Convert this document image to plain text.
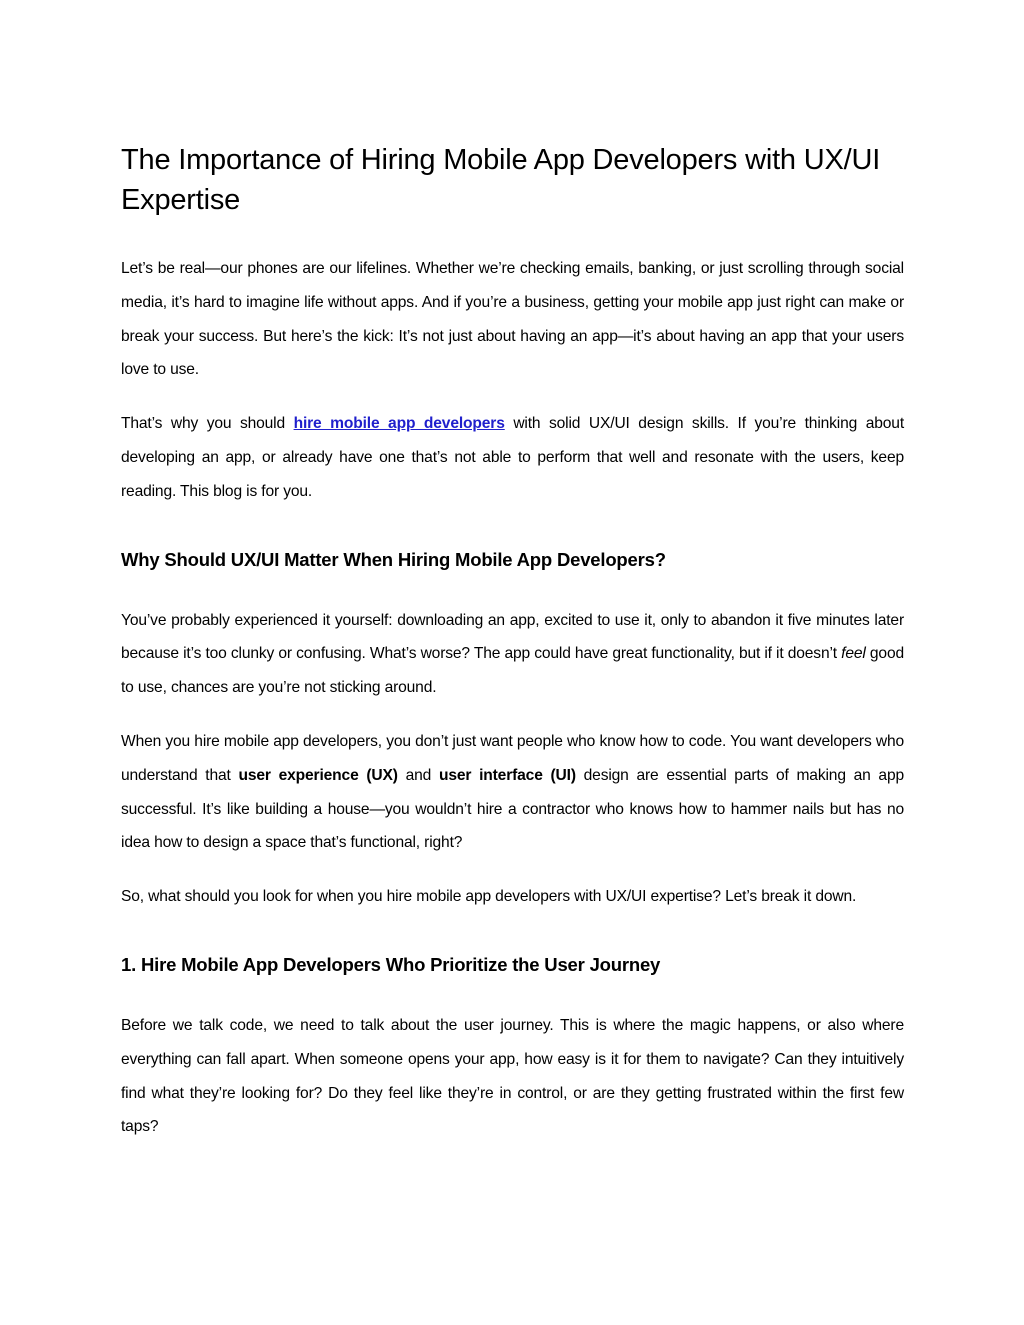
The Importance of Hiring Mobile App Developers with UX/UI Expertise

Let’s be real—our phones are our lifelines. Whether we’re checking emails, banking, or just scrolling through social media, it’s hard to imagine life without apps. And if you’re a business, getting your mobile app just right can make or break your success. But here’s the kick: It’s not just about having an app—it’s about having an app that your users love to use.

That’s why you should hire mobile app developers with solid UX/UI design skills. If you’re thinking about developing an app, or already have one that’s not able to perform that well and resonate with the users, keep reading. This blog is for you.

Why Should UX/UI Matter When Hiring Mobile App Developers?

You’ve probably experienced it yourself: downloading an app, excited to use it, only to abandon it five minutes later because it’s too clunky or confusing. What’s worse? The app could have great functionality, but if it doesn’t feel good to use, chances are you’re not sticking around.

When you hire mobile app developers, you don’t just want people who know how to code. You want developers who understand that user experience (UX) and user interface (UI) design are essential parts of making an app successful. It’s like building a house—you wouldn’t hire a contractor who knows how to hammer nails but has no idea how to design a space that’s functional, right?

So, what should you look for when you hire mobile app developers with UX/UI expertise? Let’s break it down.

1. Hire Mobile App Developers Who Prioritize the User Journey

Before we talk code, we need to talk about the user journey. This is where the magic happens, or also where everything can fall apart. When someone opens your app, how easy is it for them to navigate? Can they intuitively find what they’re looking for? Do they feel like they’re in control, or are they getting frustrated within the first few taps?
